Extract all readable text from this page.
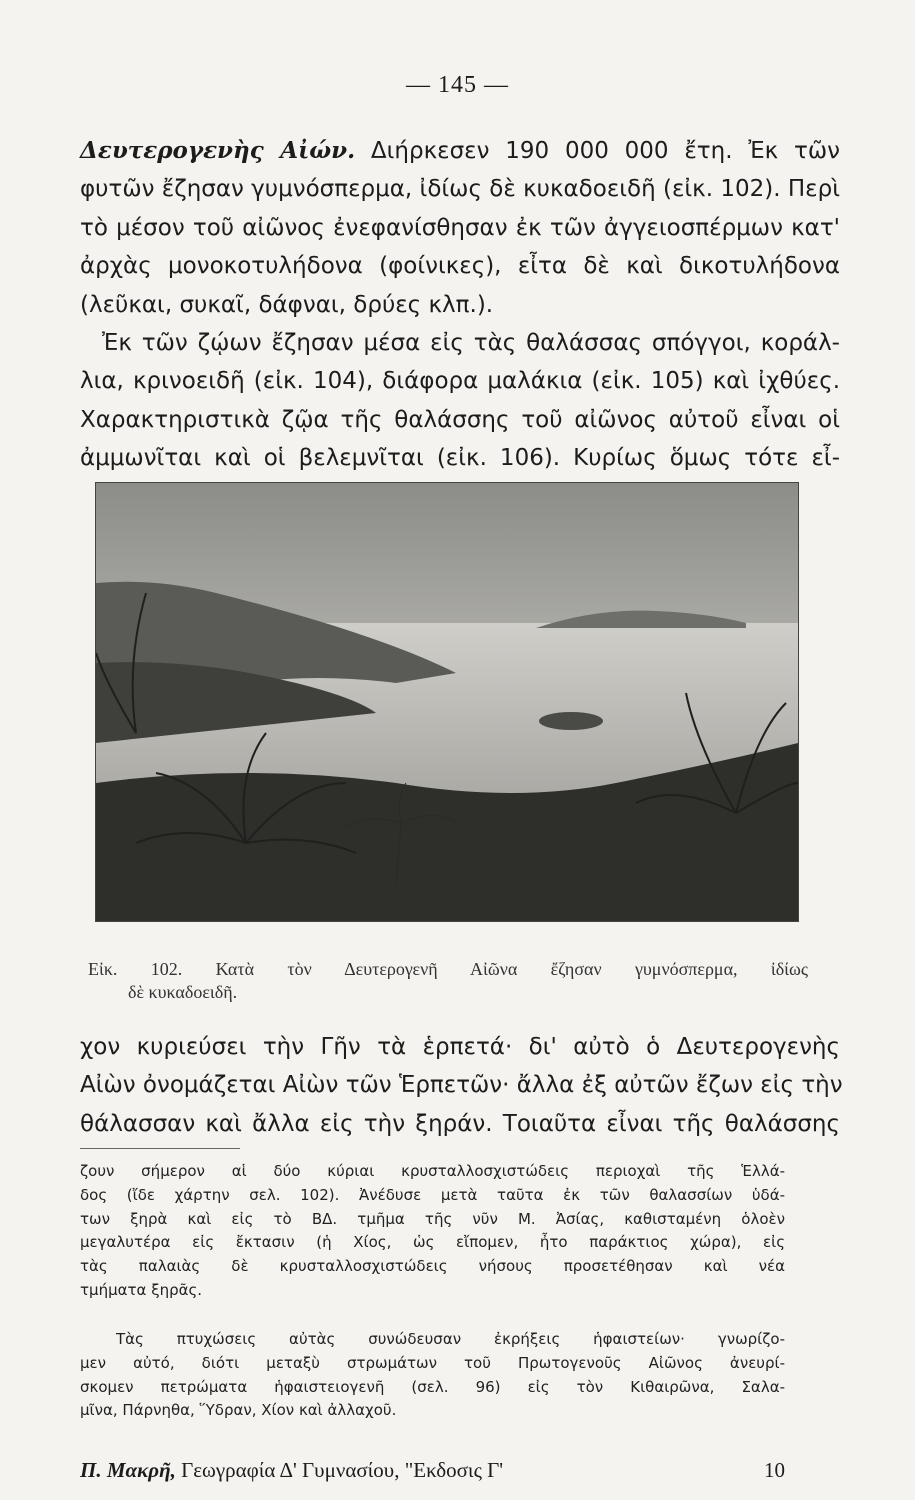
— 145 —
Δευτερογενὴς Αἰών. Διήρκεσεν 190 000 000 ἔτη. Ἐκ τῶν
φυτῶν ἔζησαν γυμνόσπερμα, ἰδίως δὲ κυκαδοειδῆ (εἰκ. 102). Περὶ
τὸ μέσον τοῦ αἰῶνος ἐνεφανίσθησαν ἐκ τῶν ἀγγειοσπέρμων κατ'
ἀρχὰς μονοκοτυλήδονα (φοίνικες), εἶτα δὲ καὶ δικοτυλήδονα
(λεῦκαι, συκαῖ, δάφναι, δρύες κλπ.).
Ἐκ τῶν ζῴων ἔζησαν μέσα εἰς τὰς θαλάσσας σπόγγοι, κοράλ-
λια, κρινοειδῆ (εἰκ. 104), διάφορα μαλάκια (εἰκ. 105) καὶ ἰχθύες.
Χαρακτηριστικὰ ζῷα τῆς θαλάσσης τοῦ αἰῶνος αὐτοῦ εἶναι οἱ
ἀμμωνῖται καὶ οἱ βελεμνῖται (εἰκ. 106). Κυρίως ὅμως τότε εἶ-
Εἰκ. 102. Κατὰ τὸν Δευτερογενῆ Αἰῶνα ἔζησαν γυμνόσπερμα, ἰδίως
δὲ κυκαδοειδῆ.
χον κυριεύσει τὴν Γῆν τὰ ἑρπετά· δι' αὐτὸ ὁ Δευτερογενὴς
Αἰὼν ὀνομάζεται Αἰὼν τῶν Ἑρπετῶν· ἄλλα ἐξ αὐτῶν ἔζων εἰς τὴν
θάλασσαν καὶ ἄλλα εἰς τὴν ξηράν. Τοιαῦτα εἶναι τῆς θαλάσσης
ζουν σήμερον αἱ δύο κύριαι κρυσταλλοσχιστώδεις περιοχαὶ τῆς Ἑλλά-
δος (ἴδε χάρτην σελ. 102). Ἀνέδυσε μετὰ ταῦτα ἐκ τῶν θαλασσίων ὑδά-
των ξηρὰ καὶ εἰς τὸ ΒΔ. τμῆμα τῆς νῦν Μ. Ἀσίας, καθισταμένη ὁλοὲν
μεγαλυτέρα εἰς ἔκτασιν (ἡ Χίος, ὡς εἴπομεν, ἦτο παράκτιος χώρα), εἰς
τὰς παλαιὰς δὲ κρυσταλλοσχιστώδεις νήσους προσετέθησαν καὶ νέα
τμήματα ξηρᾶς.
Τὰς πτυχώσεις αὐτὰς συνώδευσαν ἐκρήξεις ἡφαιστείων· γνωρίζο-
μεν αὐτό, διότι μεταξὺ στρωμάτων τοῦ Πρωτογενοῦς Αἰῶνος ἀνευρί-
σκομεν πετρώματα ἡφαιστειογενῆ (σελ. 96) εἰς τὸν Κιθαιρῶνα, Σαλα-
μῖνα, Πάρνηθα, Ὕδραν, Χίον καὶ ἀλλαχοῦ.
Π. Μακρῆ, Γεωγραφία Δ' Γυμνασίου, "Εκδοσις Γ'	10
